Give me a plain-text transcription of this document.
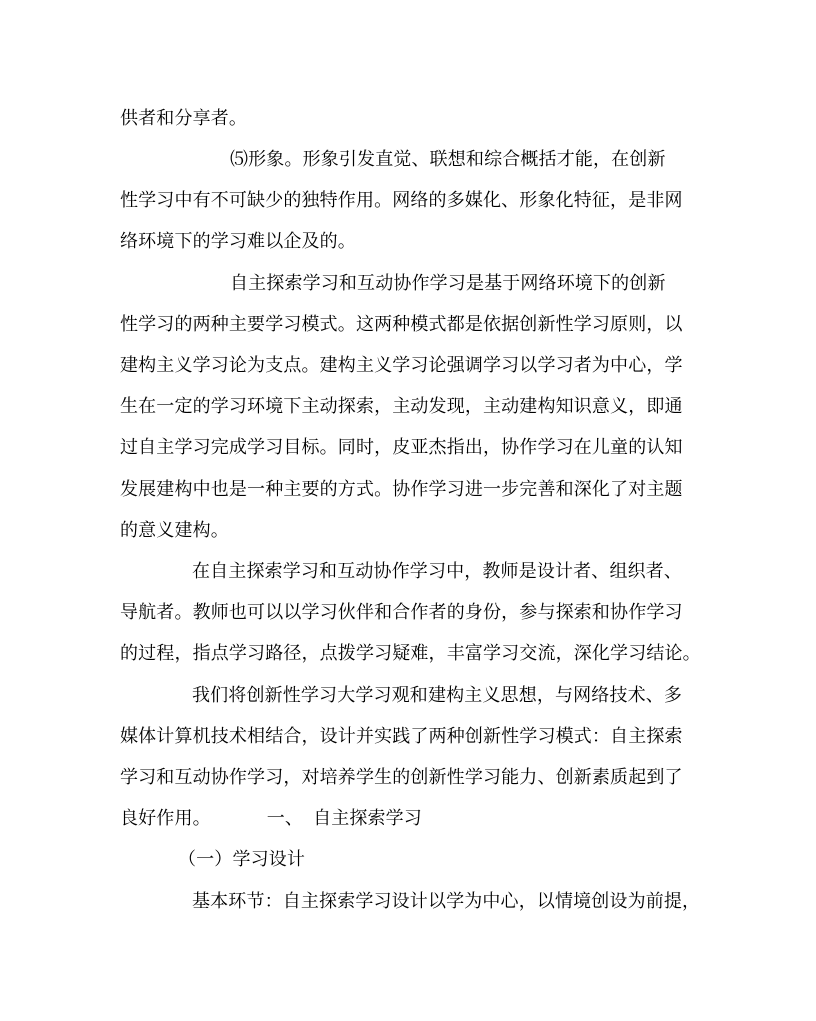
供者和分享者。
⑸形象。形象引发直觉、联想和综合概括才能，在创新
性学习中有不可缺少的独特作用。网络的多媒化、形象化特征，是非网
络环境下的学习难以企及的。
自主探索学习和互动协作学习是基于网络环境下的创新
性学习的两种主要学习模式。这两种模式都是依据创新性学习原则，以
建构主义学习论为支点。建构主义学习论强调学习以学习者为中心，学
生在一定的学习环境下主动探索，主动发现，主动建构知识意义，即通
过自主学习完成学习目标。同时，皮亚杰指出，协作学习在儿童的认知
发展建构中也是一种主要的方式。协作学习进一步完善和深化了对主题
的意义建构。
在自主探索学习和互动协作学习中，教师是设计者、组织者、
导航者。教师也可以以学习伙伴和合作者的身份，参与探索和协作学习
的过程，指点学习路径，点拨学习疑难，丰富学习交流，深化学习结论。
我们将创新性学习大学习观和建构主义思想，与网络技术、多
媒体计算机技术相结合，设计并实践了两种创新性学习模式：自主探索
学习和互动协作学习，对培养学生的创新性学习能力、创新素质起到了
良好作用。	一、 自主探索学习
（一）学习设计
基本环节：自主探索学习设计以学为中心，以情境创设为前提，
